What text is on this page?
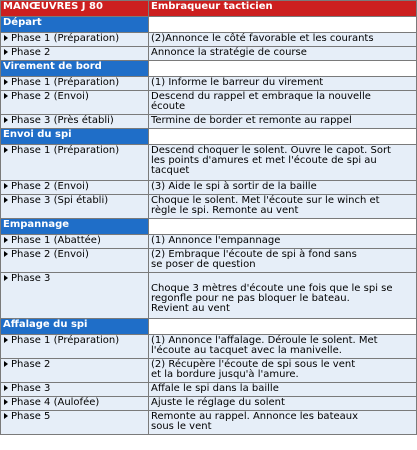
MANŒUVRES J 80	Embraqueur tacticien
Départ	
Phase 1 (Préparation)	(2)Annonce le côté favorable et les courants

Phase 2	Annonce la stratégie de course

Virement de bord	
Phase 1 (Préparation)	(1) Informe le barreur du virement

Phase 2 (Envoi)	Descend du rappel et embraque la nouvelle
écoute

Phase 3 (Près établi)	Termine de border et remonte au rappel

Envoi du spi	
Phase 1 (Préparation)	Descend choquer le solent. Ouvre le capot. Sort
les points d'amures et met l'écoute de spi au
tacquet

Phase 2 (Envoi)	(3) Aide le spi à sortir de la baille

Phase 3 (Spi établi)	Choque le solent. Met l'écoute sur le winch et
règle le spi. Remonte au vent

Empannage	
Phase 1 (Abattée)	(1) Annonce l'empannage

Phase 2 (Envoi)	(2) Embraque l'écoute de spi à fond sans
se poser de question

Phase 3	Choque 3 mètres d'écoute une fois que le spi se
regonfle pour ne pas bloquer le bateau.
Revient au vent

Affalage du spi	
Phase 1 (Préparation)	(1) Annonce l'affalage. Déroule le solent. Met
l'écoute au tacquet avec la manivelle.

Phase 2	(2) Récupère l'écoute de spi sous le vent
et la bordure jusqu'à l'amure.

Phase 3	Affale le spi dans la baille

Phase 4 (Aulofée)	Ajuste le réglage du solent

Phase 5	Remonte au rappel. Annonce les bateaux
sous le vent
